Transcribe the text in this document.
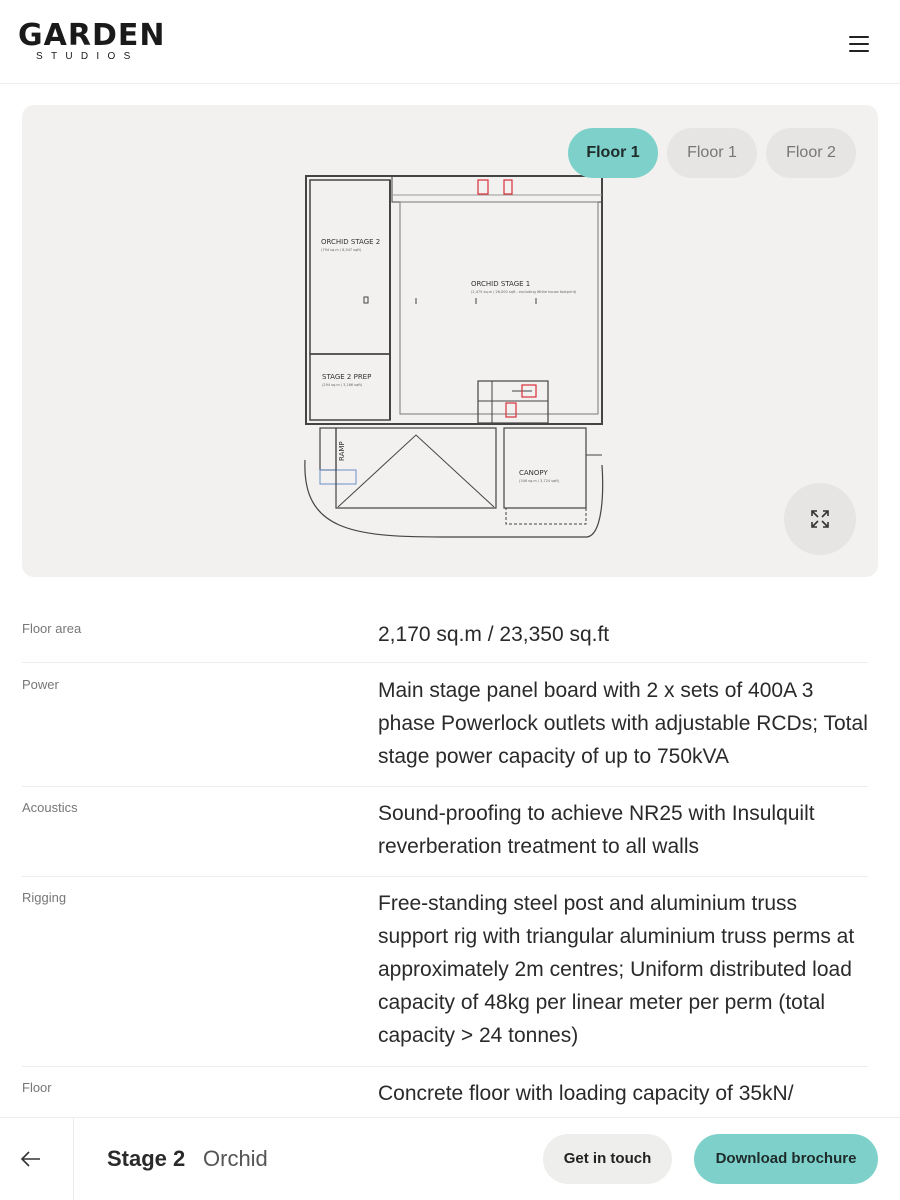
GARDEN
STUDIOS
ORCHID STAGE 2
(794 sq.m / 8,547 sqft)
ORCHID STAGE 1
(2,475 sq.m / 26,000 sqft - excluding White house footprint)
STAGE 2 PREP
(294 sq.m / 3,166 sqft)
CANOPY
(346 sq.m / 3,724 sqft)
RAMP
Floor 1	Floor 1	Floor 2
Floor area	2,170 sq.m / 23,350 sq.ft
Power	Main stage panel board with 2 x sets of 400A 3 phase Powerlock outlets with adjustable RCDs; Total stage power capacity of up to 750kVA
Acoustics	Sound-proofing to achieve NR25 with Insulquilt reverberation treatment to all walls
Rigging	Free-standing steel post and aluminium truss support rig with triangular aluminium truss perms at approximately 2m centres; Uniform distributed load capacity of 48kg per linear meter per perm (total capacity > 24 tonnes)
Floor	Concrete floor with loading capacity of 35kN/
Stage 2 Orchid	Get in touch	Download brochure
